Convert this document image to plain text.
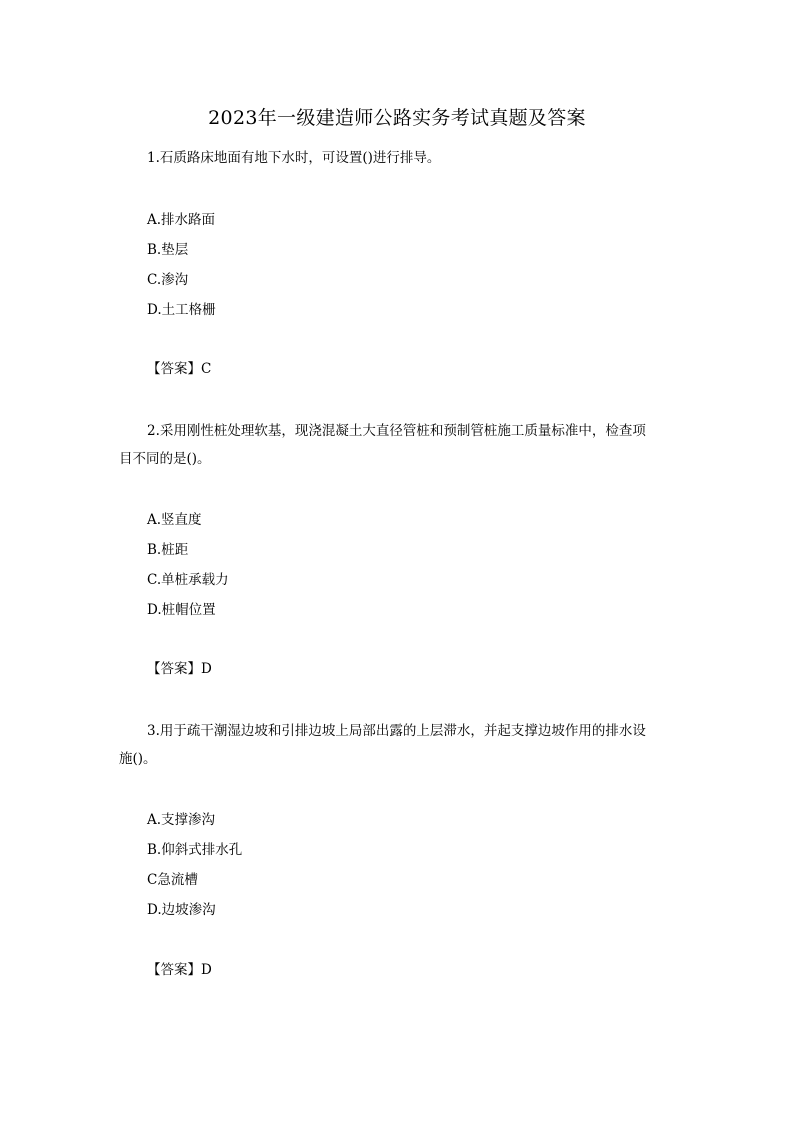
2023年一级建造师公路实务考试真题及答案

1.石质路床地面有地下水时，可设置()进行排导。

A.排水路面

B.垫层

C.渗沟

D.土工格栅

【答案】C

2.采用刚性桩处理软基，现浇混凝土大直径管桩和预制管桩施工质量标准中，检查项

目不同的是()。

A.竖直度

B.桩距

C.单桩承载力

D.桩帽位置

【答案】D

3.用于疏干潮湿边坡和引排边坡上局部出露的上层滞水，并起支撑边坡作用的排水设

施()。

A.支撑渗沟

B.仰斜式排水孔

C急流槽

D.边坡渗沟

【答案】D
